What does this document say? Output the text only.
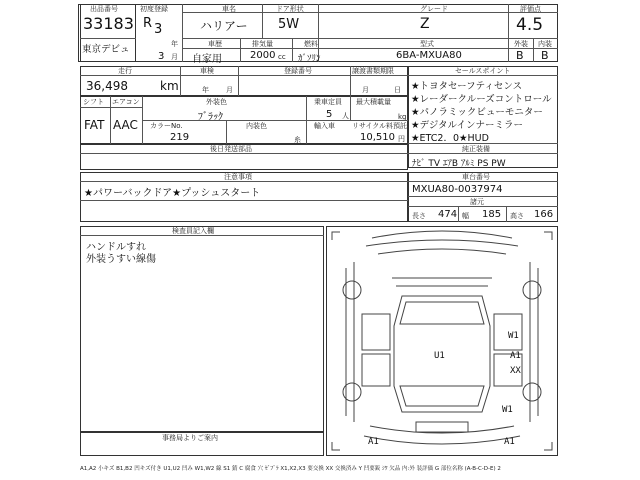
出品番号
33183
東京デビュ
初度登録
R 3
年
3 月
車名
ハリアー
ドア形状
5W
グレード
Z
評価点
4.5
外装 内装
B B
車歴
自家用
排気量
2000 cc
燃料
ｶﾞｿﾘﾝ
型式
6BA-MXUA80
走行
36,498	km
車検
年 月
登録番号	譲渡書類期限
月	日
セールスポイント
★トヨタセーフティセンス
★レーダークルーズコントロール
★パノラミックビューモニター
★デジタルインナーミラー
★ETC2．0★HUD
純正装備
ﾅﾋﾞ TV ｴｱB ｱﾙﾐ PS PW
シフト
FAT
エアコン
AAC
外装色
ﾌﾞﾗｯｸ
カラーNo.
219
内装色
糸
乗車定員
5 人
最大積載量
kg
輸入車 リサイクル料預託
10,510 円
後日発送部品
注意事項
★パワーバックドア★プッシュスタート
車台番号
MXUA80-0037974
諸元
長さ 474 幅 185 高さ 166
検査員記入欄
ハンドルすれ
外装うすい線傷
事務局よりご案内
W1
U1	A1
XX
W1
A1	A1
A1,A2 小キズ B1,B2 凹キズ付き U1,U2 凹み W1,W2 線 S1 錆 C 腐食 穴 ｾﾞﾌﾞﾗ X1,X2,X3 要交換 XX 交換済み Y 凹要鈑 ｼﾜ 欠品 内:外 装評価 G 部位名称 (A-B-C-D-E) 2
